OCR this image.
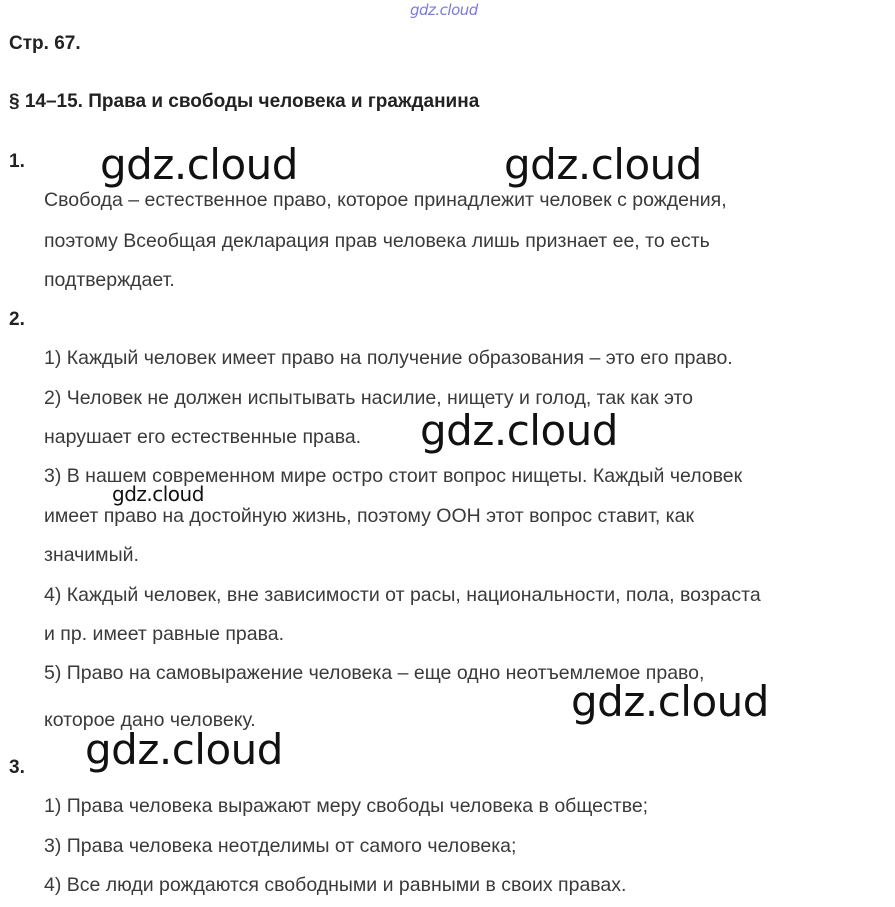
gdz.cloud
Стр. 67.
§ 14–15. Права и свободы человека и гражданина
1.
Свобода – естественное право, которое принадлежит человек с рождения,
поэтому Всеобщая декларация прав человека лишь признает ее, то есть
подтверждает.
2.
1) Каждый человек имеет право на получение образования – это его право.
2) Человек не должен испытывать насилие, нищету и голод, так как это
нарушает его естественные права.
3) В нашем современном мире остро стоит вопрос нищеты. Каждый человек
имеет право на достойную жизнь, поэтому ООН этот вопрос ставит, как
значимый.
4) Каждый человек, вне зависимости от расы, национальности, пола, возраста
и пр. имеет равные права.
5) Право на самовыражение человека – еще одно неотъемлемое право,
которое дано человеку.
3.
1) Права человека выражают меру свободы человека в обществе;
3) Права человека неотделимы от самого человека;
4) Все люди рождаются свободными и равными в своих правах.
gdz.cloud	gdz.cloud
gdz.cloud
gdz.cloud
gdz.cloud
gdz.cloud
